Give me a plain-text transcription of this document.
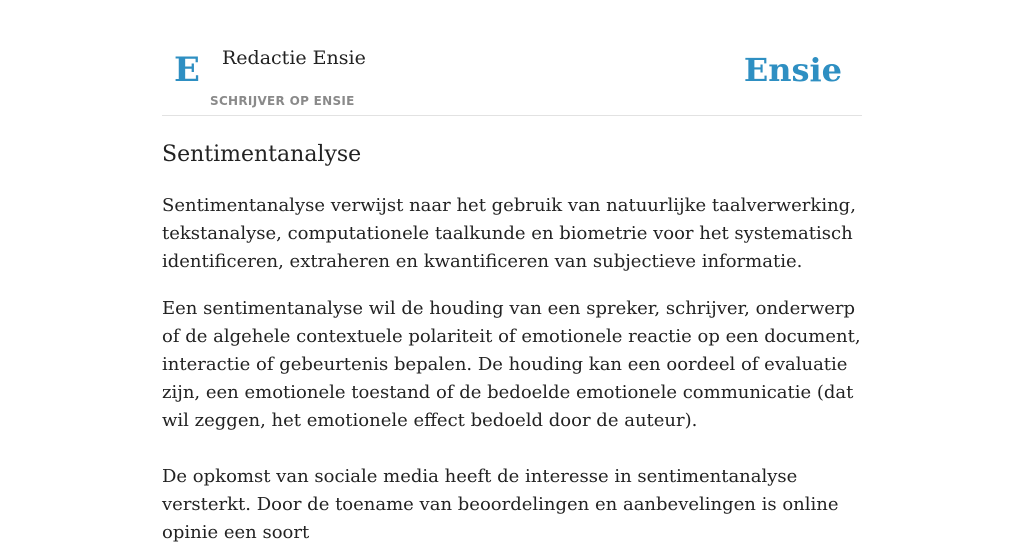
E Redactie Ensie
SCHRIJVER OP ENSIE
Ensie
Sentimentanalyse

Sentimentanalyse verwijst naar het gebruik van natuurlijke taalverwerking, tekstanalyse, computationele taalkunde en biometrie voor het systematisch identificeren, extraheren en kwantificeren van subjectieve informatie.

Een sentimentanalyse wil de houding van een spreker, schrijver, onderwerp of de algehele contextuele polariteit of emotionele reactie op een document, interactie of gebeurtenis bepalen. De houding kan een oordeel of evaluatie zijn, een emotionele toestand of de bedoelde emotionele communicatie (dat wil zeggen, het emotionele effect bedoeld door de auteur).

De opkomst van sociale media heeft de interesse in sentimentanalyse versterkt. Door de toename van beoordelingen en aanbevelingen is online opinie een soort
